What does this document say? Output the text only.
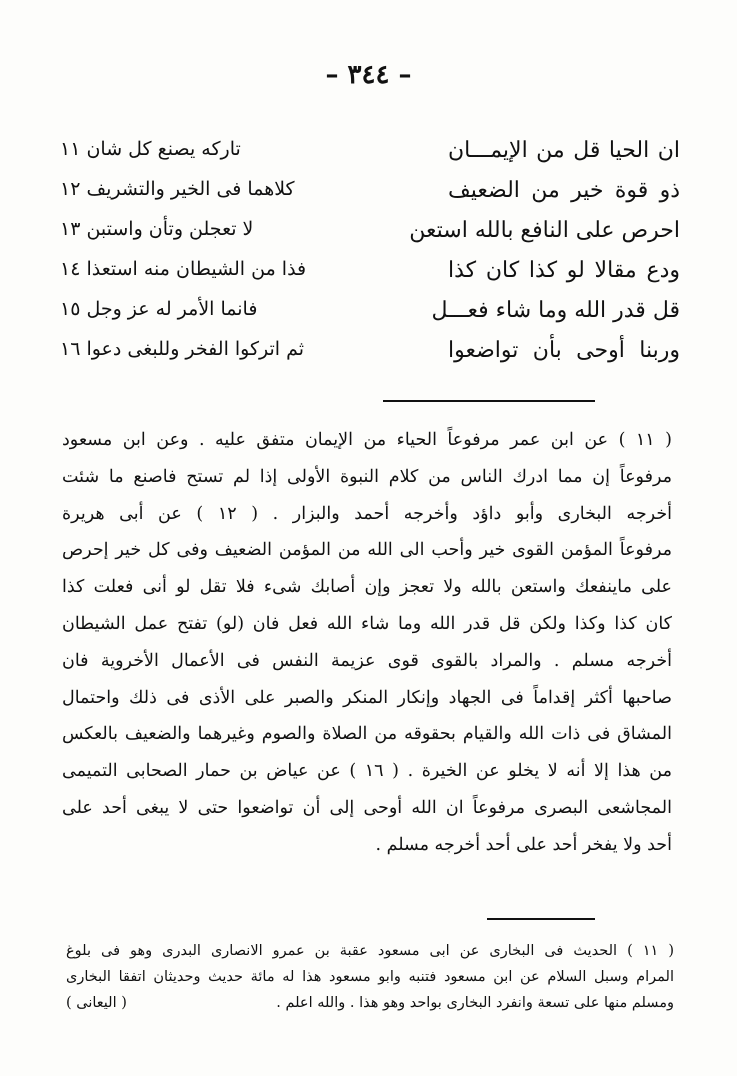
– ٣٤٤ –
ان الحيا قل من الإيمـــان
تاركه يصنع كل شان ١١
ذو قوة خير من الضعيف
كلاهما فى الخير والتشريف ١٢
احرص على النافع بالله استعن
لا تعجلن وتأن واستبن ١٣
ودع مقالا لو كذا كان كذا
فذا من الشيطان منه استعذا ١٤
قل قدر الله وما شاء فعـــل
فانما الأمر له عز وجل ١٥
وربنا أوحى بأن تواضعوا
ثم اتركوا الفخر وللبغى دعوا ١٦

( ١١ ) عن ابن عمر مرفوعاً الحياء من الإيمان متفق عليه . وعن ابن مسعود

مرفوعاً إن مما ادرك الناس من كلام النبوة الأولى إذا لم تستح فاصنع ما شئت

أخرجه البخارى وأبو داؤد وأخرجه أحمد والبزار . ( ١٢ ) عن أبى هريرة

مرفوعاً المؤمن القوى خير وأحب الى الله من المؤمن الضعيف وفى كل خير إحرص

على ماينفعك واستعن بالله ولا تعجز وإن أصابك شىء فلا تقل لو أنى فعلت كذا

كان كذا وكذا ولكن قل قدر الله وما شاء الله فعل فان (لو) تفتح عمل الشيطان

أخرجه مسلم . والمراد بالقوى قوى عزيمة النفس فى الأعمال الأخروية فان

صاحبها أكثر إقداماً فى الجهاد وإنكار المنكر والصبر على الأذى فى ذلك واحتمال

المشاق فى ذات الله والقيام بحقوقه من الصلاة والصوم وغيرهما والضعيف بالعكس

من هذا إلا أنه لا يخلو عن الخيرة . ( ١٦ ) عن عياض بن حمار الصحابى التميمى

المجاشعى البصرى مرفوعاً ان الله أوحى إلى أن تواضعوا حتى لا يبغى أحد على

أحد ولا يفخر أحد على أحد أخرجه مسلم .

( ١١ ) الحديث فى البخارى عن ابى مسعود عقبة بن عمرو الانصارى البدرى وهو فى بلوغ

المرام وسبل السلام عن ابن مسعود فتنبه وابو مسعود هذا له مائة حديث وحديثان اتفقا البخارى

ومسلم منها على تسعة وانفرد البخارى بواحد وهو هذا . والله اعلم .
( اليعانى )
